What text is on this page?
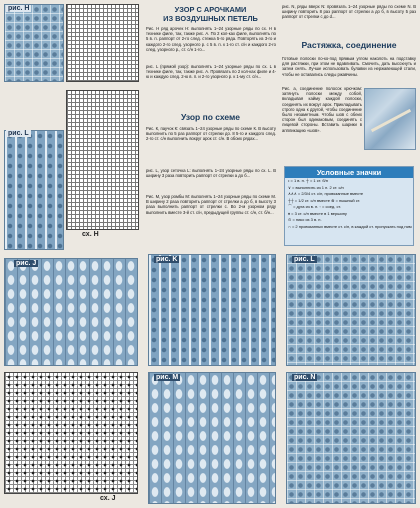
рис. H
рис. L
сх. H
УЗОР С АРОЧКАМИ
ИЗ ВОЗДУШНЫХ ПЕТЕЛЬ
Рис. H ряд арочек H: выполнять 1–24 узорные ряды по сх. H в технике филе, так, также рис. А. По 2 кол-ках филе, выполнять по 5 в. п. раппорт от 2-го след. стежка 5-го ряда. Повторять из 3-го и каждого 2-го след. узорного р. с 5 в. п. к 1-го ст. с/н и каждого 2-го след. узорного р., ст. с/н 1-го...
рис. L (прямой узор): выполнять 1–24 узорные ряды по сх. L в технике филе, так, также рис. А. Провязать по 2 кол-ках филе и 4-ю и каждую след. 2-ю в. п. и 2-го узорного р. к 1-му ст. с/н...
Узор по схеме
Рис. К, паучок К: связать 1–24 узорные ряды по схеме К. В высоту выполнить по 5 раз раппорт от стрелки до. 8 5-го и каждого след. 2-го ст. с/н выполнить вокруг арок ст. с/н. В обоих рядах...
рис. L, узор сеточка L: выполнять 1–24 узорные ряды по сх. L. В ширину 3 раза повторить раппорт от стрелки а до б...
Рис. M, узор ромбы M: выполнять 1–24 узорные ряды по схеме M. В ширину 2 раза повторить раппорт от стрелки а до б, в высоту 3 раза выполнить раппорт от стрелки c. Во 2-м узорном ряду выполнить вместе 3-й ст. с/н, предыдущей группы ст. с/н, ст. б/н...
рис. N, ряды вверх N: провязать 1–24 узорные ряды по схеме N. В ширину повторить 8 раз раппорт от стрелки а до б, в высоту 5 раз раппорт от стрелки с до d...
Растяжка, соединение
Готовые полоски по-ко-под прямым углом наколоть на подставку для растяжки, при этом не вдавливать. Смочить, дать высохнуть и затем снять. Лучше использовать булавки из нержавеющей стали, чтобы не оставались следы ржавчины.
Рис. а, соединение полосок крючком: затянуть полоски между собой, вкладывая кайму каждой полоски, соединять их вокруг арок. Прикладывать строго одна к другой, чтобы соединение было незаметным. Чтобы шов с обеих сторон был одинаковым, соединять с лицевой стороны. Вставить шарики в аппликацию «шов».
Условные значки
• = 1 в. п. ┼ = 1 ст. б/н
∨ = выполнить из 1 п. 2 ст. с/н
∧∧∧ = 2/3/4 ст. с/н, провязанные вместе
┼┼ = 1/2 ст. с/н вместе ⊗ = пышный ст.
⌒ = дуга из в. п. ◦ = соед. ст.
♦ = 3 ст. с/н вместе в 1 вершину
⊙ = пико из 3 в. п.
∩ = 2 провязанных вместе ст. с/н, в каждой ст. пропускать под ним
рис. J
рис. K	рис. L
сх. J
рис. M	рис. N
